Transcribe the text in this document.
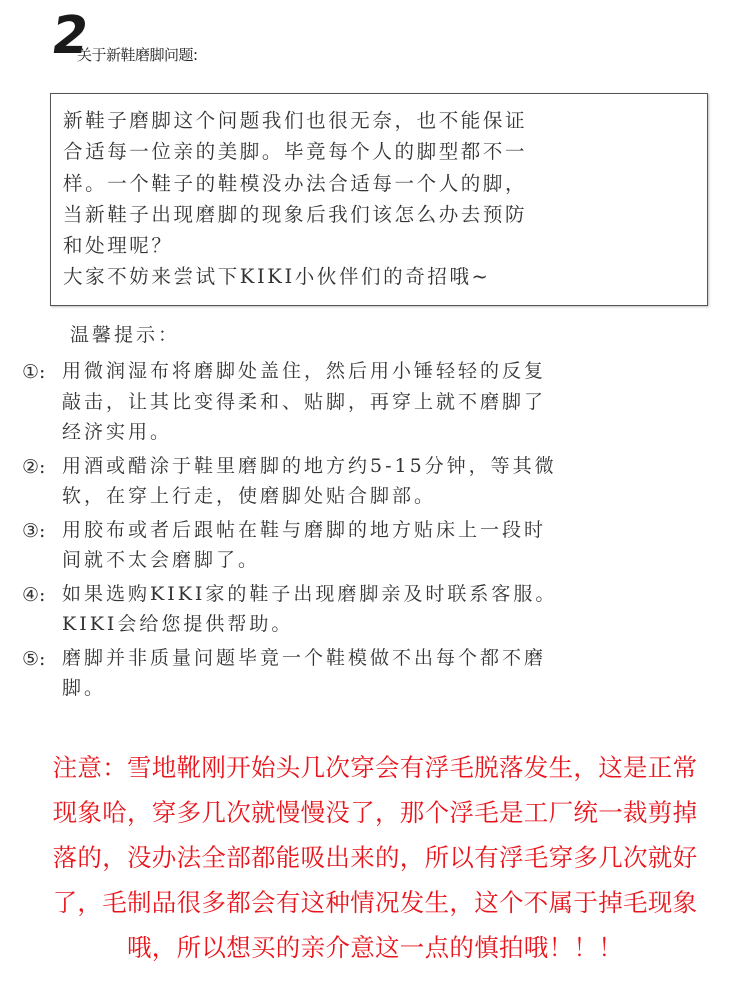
2
关于新鞋磨脚问题:
新鞋子磨脚这个问题我们也很无奈，也不能保证
合适每一位亲的美脚。毕竟每个人的脚型都不一
样。一个鞋子的鞋模没办法合适每一个人的脚，
当新鞋子出现磨脚的现象后我们该怎么办去预防
和处理呢？
大家不妨来尝试下KIKI小伙伴们的奇招哦~
温馨提示：
①: 用微润湿布将磨脚处盖住，然后用小锤轻轻的反复
敲击，让其比变得柔和、贴脚，再穿上就不磨脚了
经济实用。
②: 用酒或醋涂于鞋里磨脚的地方约5-15分钟，等其微
软，在穿上行走，使磨脚处贴合脚部。
③: 用胶布或者后跟帖在鞋与磨脚的地方贴床上一段时
间就不太会磨脚了。
④: 如果选购KIKI家的鞋子出现磨脚亲及时联系客服。
KIKI会给您提供帮助。
⑤: 磨脚并非质量问题毕竟一个鞋模做不出每个都不磨
脚。
注意：雪地靴刚开始头几次穿会有浮毛脱落发生，这是正常
现象哈，穿多几次就慢慢没了，那个浮毛是工厂统一裁剪掉
落的，没办法全部都能吸出来的，所以有浮毛穿多几次就好
了，毛制品很多都会有这种情况发生，这个不属于掉毛现象
哦，所以想买的亲介意这一点的慎拍哦！！！
